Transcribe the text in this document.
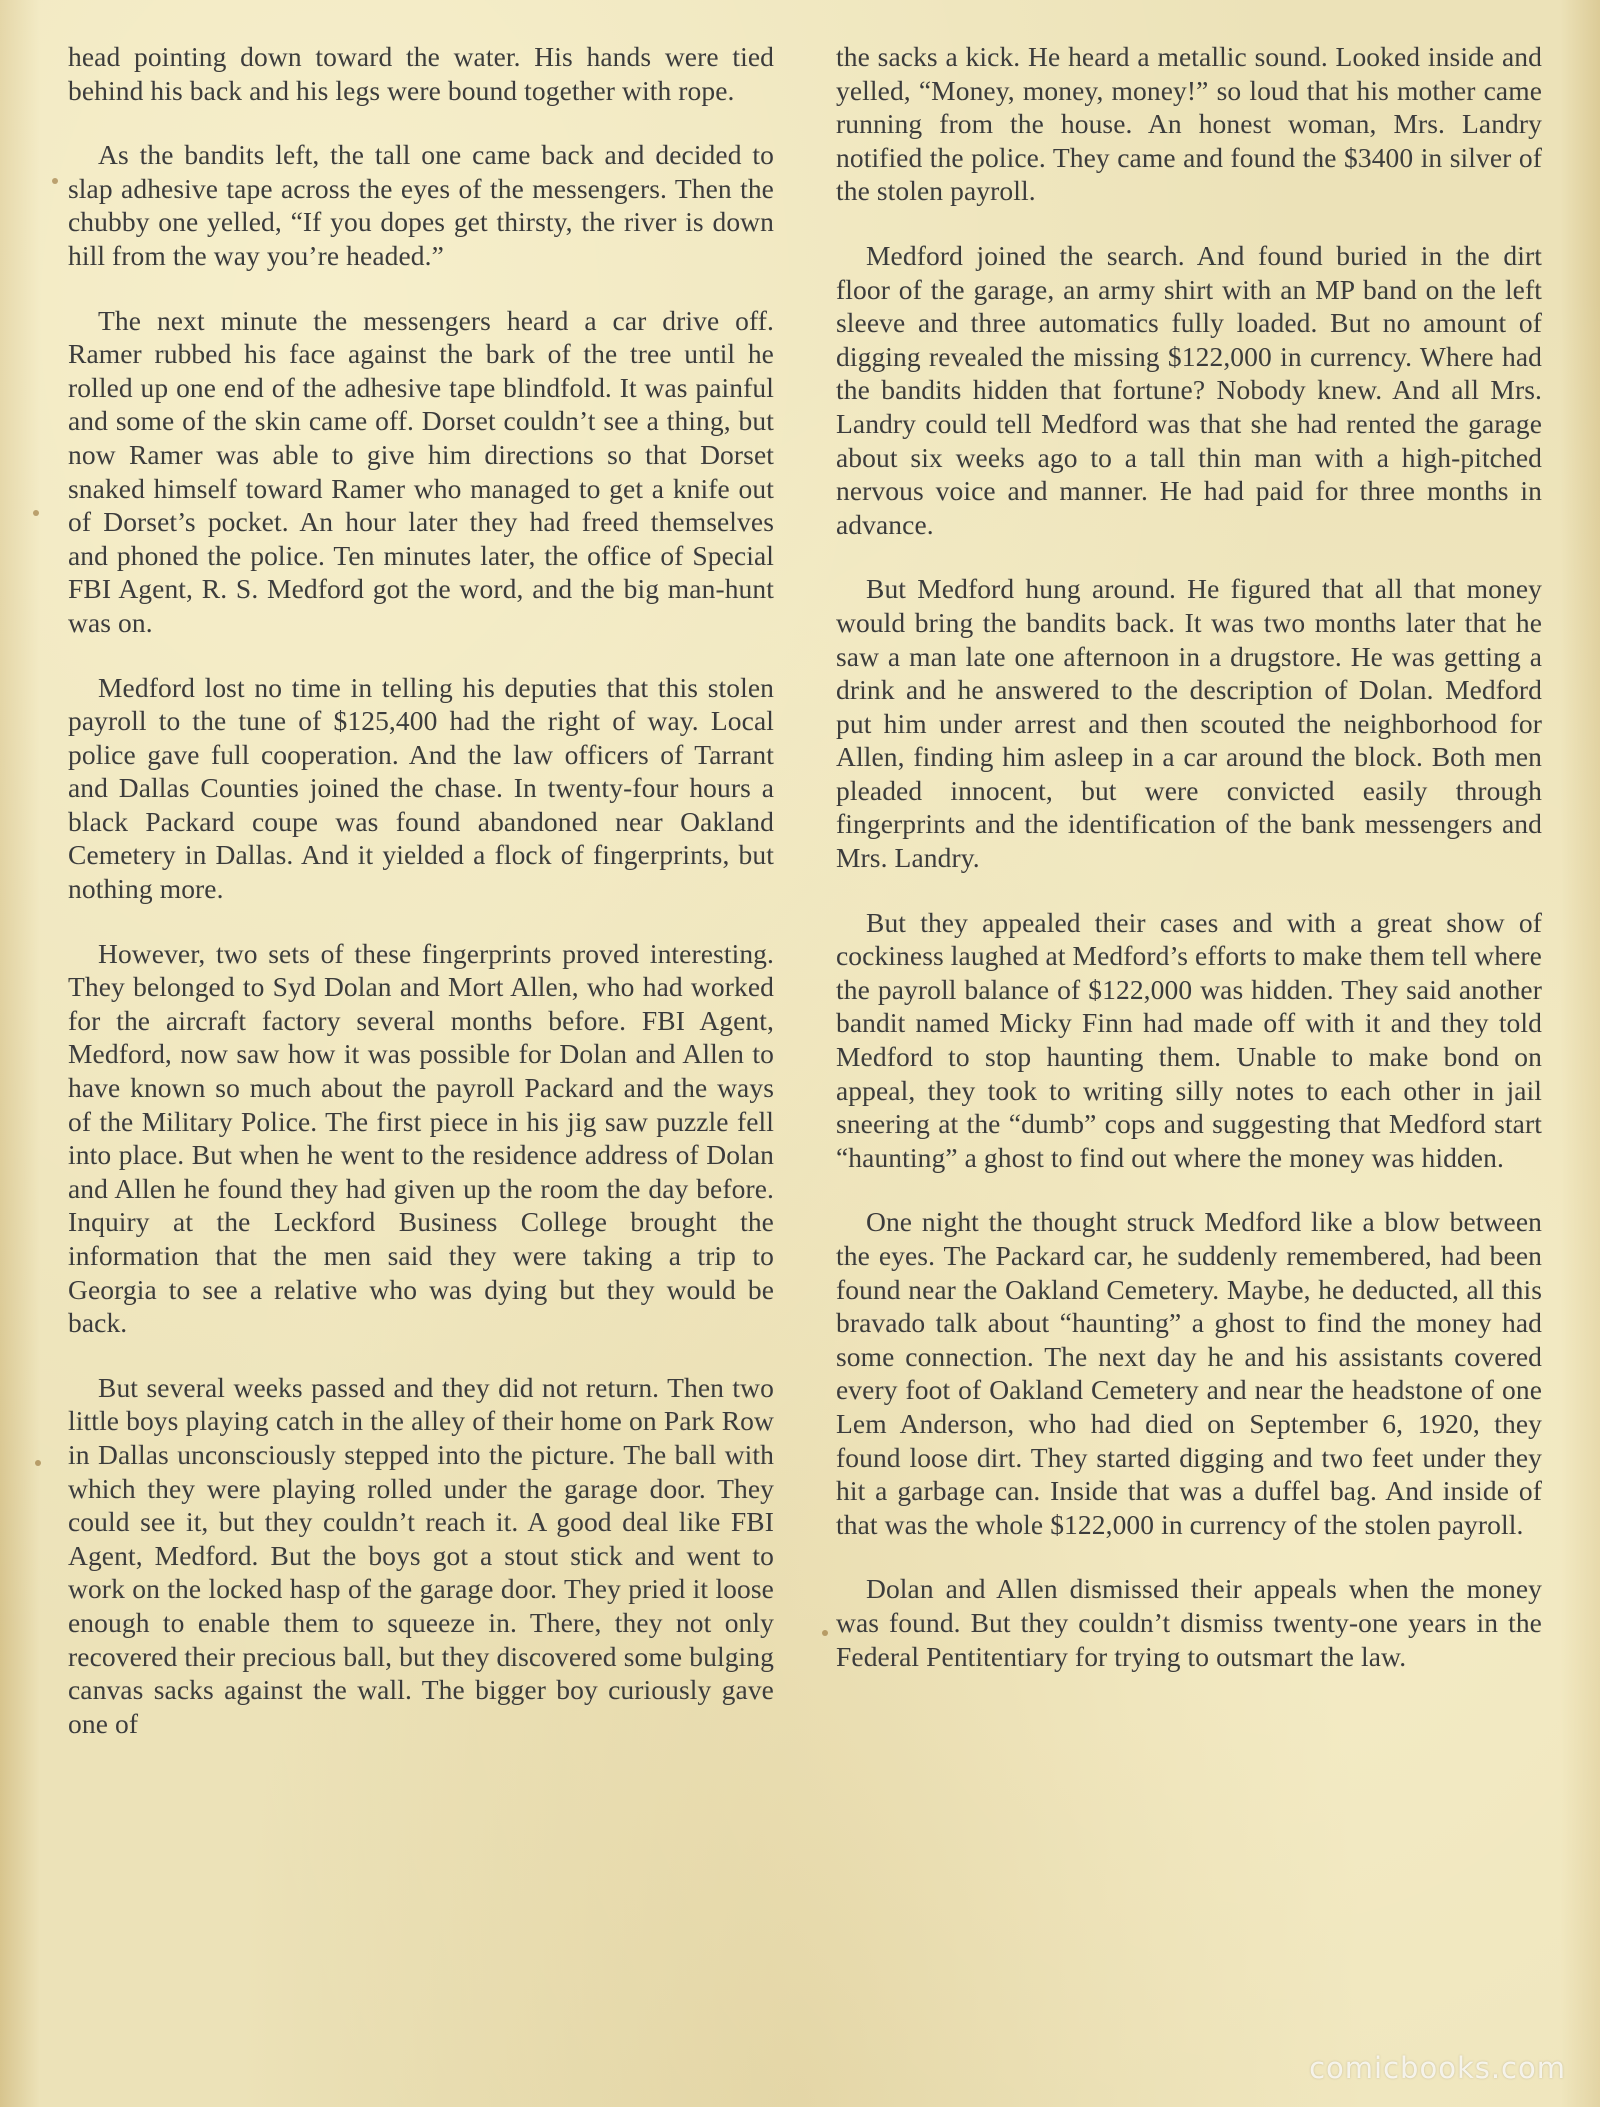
head pointing down toward the water. His hands were tied behind his back and his legs were bound together with rope.

As the bandits left, the tall one came back and decided to slap adhesive tape across the eyes of the messengers. Then the chubby one yelled, “If you dopes get thirsty, the river is down hill from the way you’re headed.”

The next minute the messengers heard a car drive off. Ramer rubbed his face against the bark of the tree until he rolled up one end of the adhesive tape blindfold. It was painful and some of the skin came off. Dorset couldn’t see a thing, but now Ramer was able to give him directions so that Dorset snaked himself toward Ramer who managed to get a knife out of Dorset’s pocket. An hour later they had freed themselves and phoned the police. Ten minutes later, the office of Special FBI Agent, R. S. Medford got the word, and the big man-hunt was on.

Medford lost no time in telling his deputies that this stolen payroll to the tune of $125,400 had the right of way. Local police gave full cooperation. And the law officers of Tarrant and Dallas Counties joined the chase. In twenty-four hours a black Packard coupe was found abandoned near Oakland Cemetery in Dallas. And it yielded a flock of fingerprints, but nothing more.

However, two sets of these fingerprints proved interesting. They belonged to Syd Dolan and Mort Allen, who had worked for the aircraft factory several months before. FBI Agent, Medford, now saw how it was possible for Dolan and Allen to have known so much about the payroll Packard and the ways of the Military Police. The first piece in his jig saw puzzle fell into place. But when he went to the residence address of Dolan and Allen he found they had given up the room the day before. Inquiry at the Leckford Business College brought the information that the men said they were taking a trip to Georgia to see a relative who was dying but they would be back.

But several weeks passed and they did not return. Then two little boys playing catch in the alley of their home on Park Row in Dallas unconsciously stepped into the picture. The ball with which they were playing rolled under the garage door. They could see it, but they couldn’t reach it. A good deal like FBI Agent, Medford. But the boys got a stout stick and went to work on the locked hasp of the garage door. They pried it loose enough to enable them to squeeze in. There, they not only recovered their precious ball, but they discovered some bulging canvas sacks against the wall. The bigger boy curiously gave one of

the sacks a kick. He heard a metallic sound. Looked inside and yelled, “Money, money, money!” so loud that his mother came running from the house. An honest woman, Mrs. Landry notified the police. They came and found the $3400 in silver of the stolen payroll.

Medford joined the search. And found buried in the dirt floor of the garage, an army shirt with an MP band on the left sleeve and three automatics fully loaded. But no amount of digging revealed the missing $122,000 in currency. Where had the bandits hidden that fortune? Nobody knew. And all Mrs. Landry could tell Medford was that she had rented the garage about six weeks ago to a tall thin man with a high-pitched nervous voice and manner. He had paid for three months in advance.

But Medford hung around. He figured that all that money would bring the bandits back. It was two months later that he saw a man late one afternoon in a drugstore. He was getting a drink and he answered to the description of Dolan. Medford put him under arrest and then scouted the neighborhood for Allen, finding him asleep in a car around the block. Both men pleaded innocent, but were convicted easily through fingerprints and the identification of the bank messengers and Mrs. Landry.

But they appealed their cases and with a great show of cockiness laughed at Medford’s efforts to make them tell where the payroll balance of $122,000 was hidden. They said another bandit named Micky Finn had made off with it and they told Medford to stop haunting them. Unable to make bond on appeal, they took to writing silly notes to each other in jail sneering at the “dumb” cops and suggesting that Medford start “haunting” a ghost to find out where the money was hidden.

One night the thought struck Medford like a blow between the eyes. The Packard car, he suddenly remembered, had been found near the Oakland Cemetery. Maybe, he deducted, all this bravado talk about “haunting” a ghost to find the money had some connection. The next day he and his assistants covered every foot of Oakland Cemetery and near the headstone of one Lem Anderson, who had died on September 6, 1920, they found loose dirt. They started digging and two feet under they hit a garbage can. Inside that was a duffel bag. And inside of that was the whole $122,000 in currency of the stolen payroll.

Dolan and Allen dismissed their appeals when the money was found. But they couldn’t dismiss twenty-one years in the Federal Pentitentiary for trying to outsmart the law.

comicbooks.com
